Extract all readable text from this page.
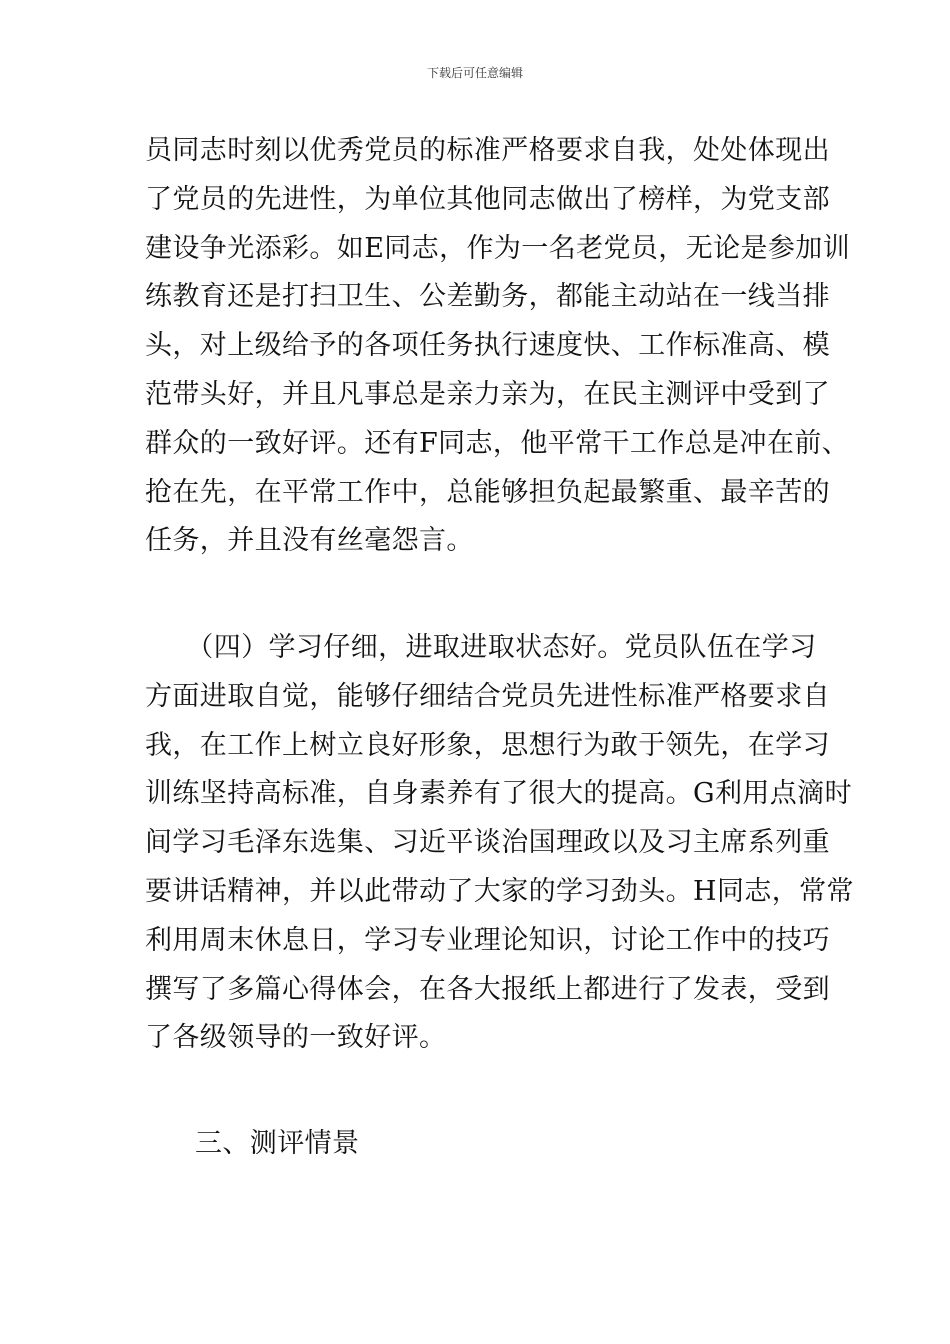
下载后可任意编辑
员同志时刻以优秀党员的标准严格要求自我，处处体现出
了党员的先进性，为单位其他同志做出了榜样，为党支部
建设争光添彩。如E同志，作为一名老党员，无论是参加训
练教育还是打扫卫生、公差勤务，都能主动站在一线当排
头，对上级给予的各项任务执行速度快、工作标准高、模
范带头好，并且凡事总是亲力亲为，在民主测评中受到了
群众的一致好评。还有F同志，他平常干工作总是冲在前、
抢在先，在平常工作中，总能够担负起最繁重、最辛苦的
任务，并且没有丝毫怨言。
　　（四）学习仔细，进取进取状态好。党员队伍在学习
方面进取自觉，能够仔细结合党员先进性标准严格要求自
我，在工作上树立良好形象，思想行为敢于领先，在学习
训练坚持高标准，自身素养有了很大的提高。G利用点滴时
间学习毛泽东选集、习近平谈治国理政以及习主席系列重
要讲话精神，并以此带动了大家的学习劲头。H同志，常常
利用周末休息日，学习专业理论知识，讨论工作中的技巧
撰写了多篇心得体会，在各大报纸上都进行了发表，受到
了各级领导的一致好评。
三、测评情景
